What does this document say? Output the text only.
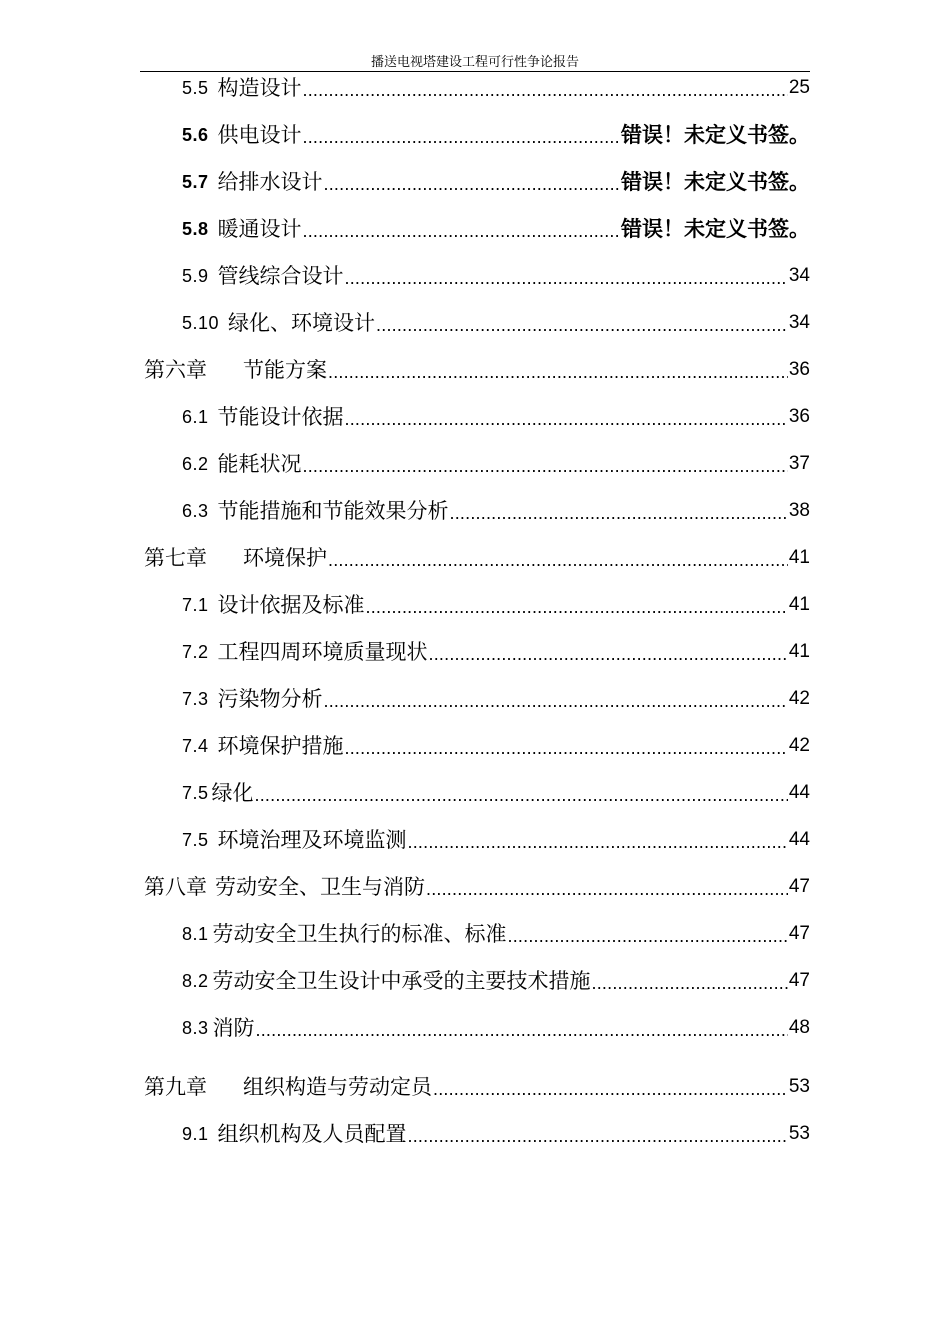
播送电视塔建设工程可行性争论报告
5.5 构造设计 .....	25
5.6 供电设计 .....	错误！未定义书签。
5.7 给排水设计 .....	错误！未定义书签。
5.8 暖通设计 .....	错误！未定义书签。
5.9 管线综合设计 .....	34
5.10 绿化、环境设计 .....	34
第六章 节能方案 .....	36
6.1 节能设计依据 .....	36
6.2 能耗状况 .....	37
6.3 节能措施和节能效果分析 .....	38
第七章 环境保护 .....	41
7.1 设计依据及标准 .....	41
7.2 工程四周环境质量现状 .....	41
7.3 污染物分析 .....	42
7.4 环境保护措施 .....	42
7.5 绿化 .....	44
7.5 环境治理及环境监测 .....	44
第八章 劳动安全、卫生与消防 .....	47
8.1 劳动安全卫生执行的标准、标准 .....	47
8.2 劳动安全卫生设计中承受的主要技术措施 .....	47
8.3 消防 .....	48
第九章 组织构造与劳动定员 .....	53
9.1 组织机构及人员配置 .....	53
